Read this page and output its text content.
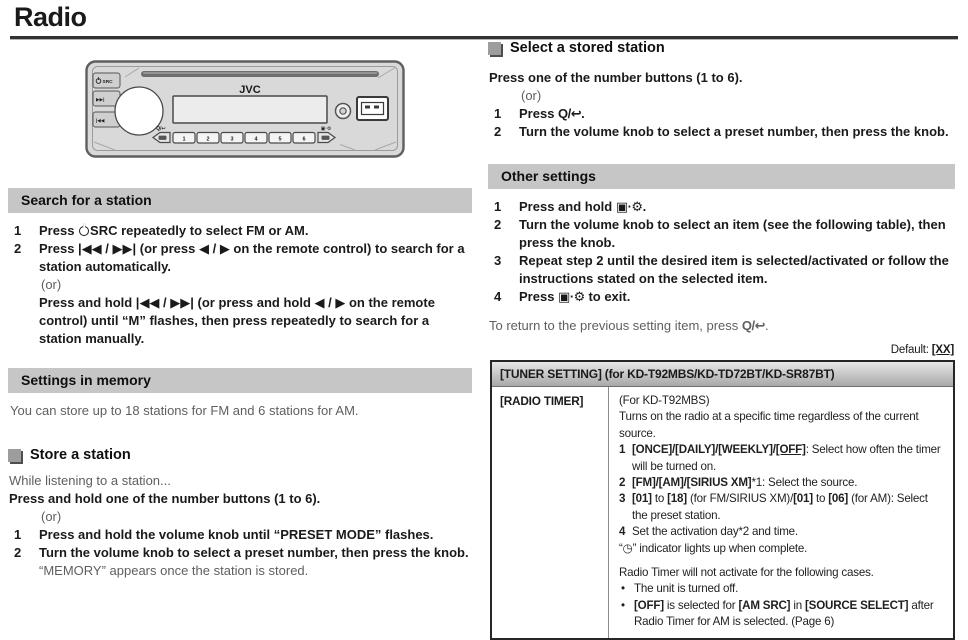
Radio
JVC
SRC
▶▶|
|◀◀
Q/↩
1	2	3	4	5	6
▣·⚙
Search for a station
1	Press SRC repeatedly to select FM or AM.
2	Press |◀◀ / ▶▶| (or press ◀ / ▶ on the remote control) to search for a station automatically.
(or)
Press and hold |◀◀ / ▶▶| (or press and hold ◀ / ▶ on the remote control) until “M” flashes, then press repeatedly to search for a station manually.
Settings in memory
You can store up to 18 stations for FM and 6 stations for AM.
Store a station
While listening to a station...
Press and hold one of the number buttons (1 to 6).
(or)
1	Press and hold the volume knob until “PRESET MODE” flashes.
2	Turn the volume knob to select a preset number, then press the knob.
“MEMORY” appears once the station is stored.
Select a stored station
Press one of the number buttons (1 to 6).
(or)
1	Press Q/↩.
2	Turn the volume knob to select a preset number, then press the knob.
Other settings
1	Press and hold ▣·⚙.
2	Turn the volume knob to select an item (see the following table), then press the knob.
3	Repeat step 2 until the desired item is selected/activated or follow the instructions stated on the selected item.
4	Press ▣·⚙ to exit.
To return to the previous setting item, press Q/↩.
Default: [XX]
[TUNER SETTING] (for KD-T92MBS/KD-TD72BT/KD-SR87BT)
[RADIO TIMER]	(For KD-T92MBS)
Turns on the radio at a specific time regardless of the current source.
1 [ONCE]/[DAILY]/[WEEKLY]/[OFF]: Select how often the timer will be turned on.
2 [FM]/[AM]/[SIRIUS XM]*1: Select the source.
3 [01] to [18] (for FM/SIRIUS XM)/[01] to [06] (for AM): Select the preset station.
4 Set the activation day*2 and time.
“◷” indicator lights up when complete.
Radio Timer will not activate for the following cases.
• The unit is turned off.
• [OFF] is selected for [AM SRC] in [SOURCE SELECT] after Radio Timer for AM is selected. (Page 6)
